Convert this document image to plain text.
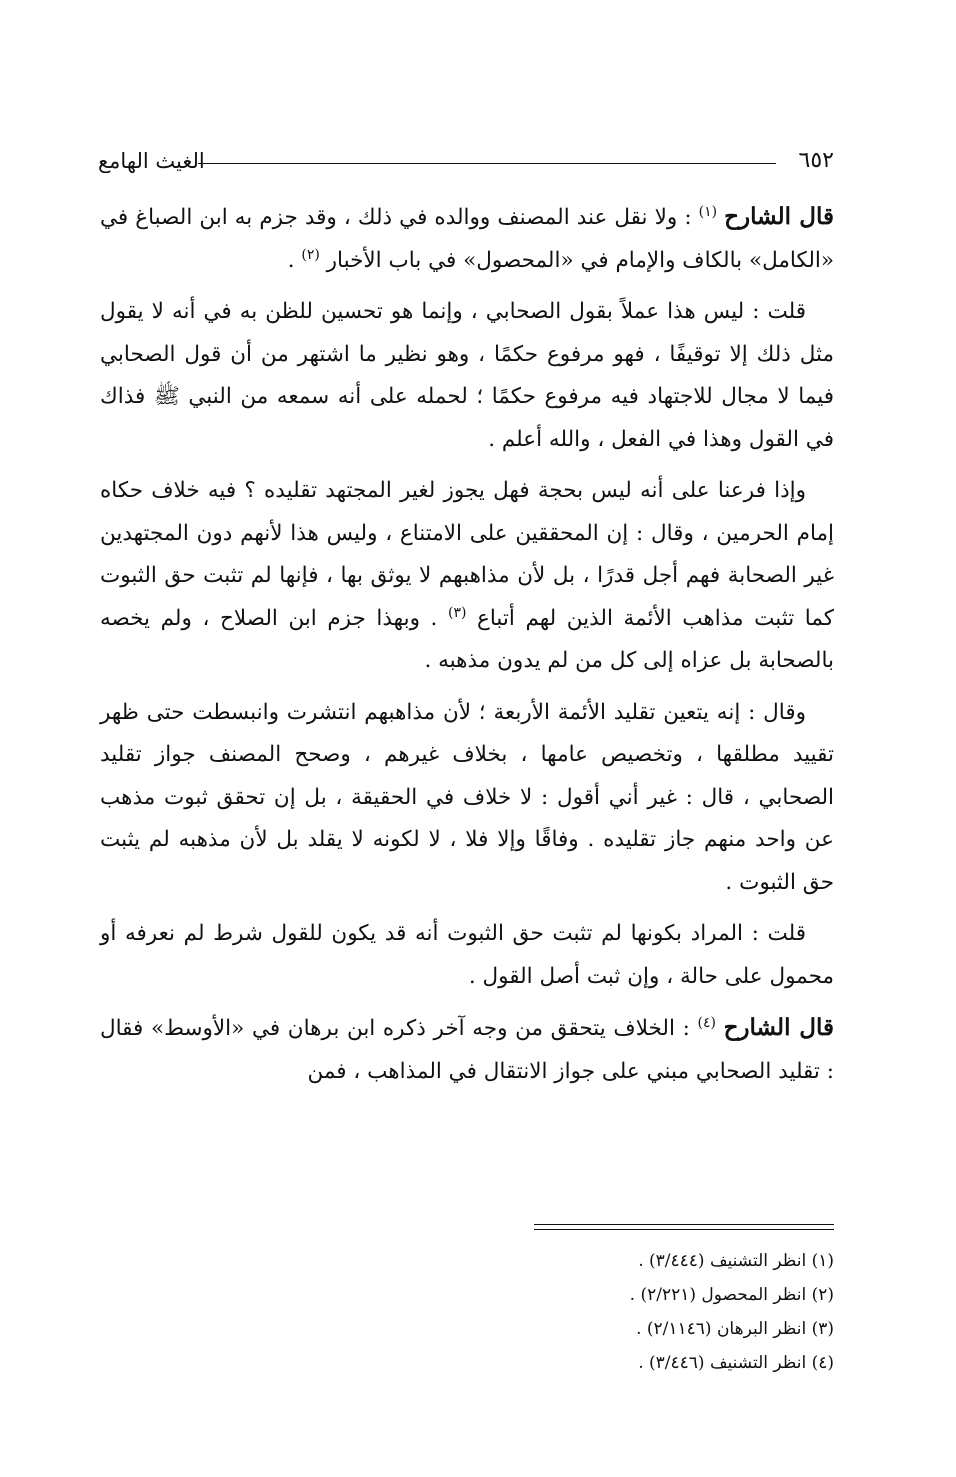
٦٥٢
الغيث الهامع

قال الشارح $^{(١)}$ : ولا نقل عند المصنف ووالده في ذلك ، وقد جزم به ابن الصباغ في «الكامل» بالكاف والإمام في «المحصول» في باب الأخبار $^{(٢)}$ .

قلت : ليس هذا عملاً بقول الصحابي ، وإنما هو تحسين للظن به في أنه لا يقول مثل ذلك إلا توقيفًا ، فهو مرفوع حكمًا ، وهو نظير ما اشتهر من أن قول الصحابي فيما لا مجال للاجتهاد فيه مرفوع حكمًا ؛ لحمله على أنه سمعه من النبي ﷺ فذاك في القول وهذا في الفعل ، والله أعلم .

وإذا فرعنا على أنه ليس بحجة فهل يجوز لغير المجتهد تقليده ؟ فيه خلاف حكاه إمام الحرمين ، وقال : إن المحققين على الامتناع ، وليس هذا لأنهم دون المجتهدين غير الصحابة فهم أجل قدرًا ، بل لأن مذاهبهم لا يوثق بها ، فإنها لم تثبت حق الثبوت كما تثبت مذاهب الأئمة الذين لهم أتباع $^{(٣)}$ . وبهذا جزم ابن الصلاح ، ولم يخصه بالصحابة بل عزاه إلى كل من لم يدون مذهبه .

وقال : إنه يتعين تقليد الأئمة الأربعة ؛ لأن مذاهبهم انتشرت وانبسطت حتى ظهر تقييد مطلقها ، وتخصيص عامها ، بخلاف غيرهم ، وصحح المصنف جواز تقليد الصحابي ، قال : غير أني أقول : لا خلاف في الحقيقة ، بل إن تحقق ثبوت مذهب عن واحد منهم جاز تقليده . وفاقًا وإلا فلا ، لا لكونه لا يقلد بل لأن مذهبه لم يثبت حق الثبوت .

قلت : المراد بكونها لم تثبت حق الثبوت أنه قد يكون للقول شرط لم نعرفه أو محمول على حالة ، وإن ثبت أصل القول .

قال الشارح $^{(٤)}$ : الخلاف يتحقق من وجه آخر ذكره ابن برهان في «الأوسط» فقال : تقليد الصحابي مبني على جواز الانتقال في المذاهب ، فمن

(١) انظر التشنيف (٣/٤٤٤) .
(٢) انظر المحصول (٢/٢٢١) .
(٣) انظر البرهان (٢/١١٤٦) .
(٤) انظر التشنيف (٣/٤٤٦) .
